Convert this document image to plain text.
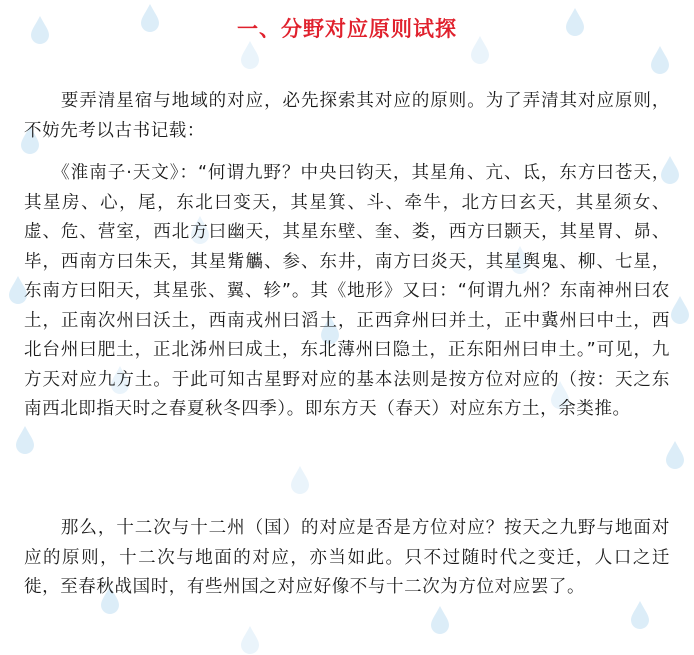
一、分野对应原则试探

　　要弄清星宿与地域的对应，必先探索其对应的原则。为了弄清其对应原则，不妨先考以古书记载：

　　《淮南子·天文》：“何谓九野？中央曰钧天，其星角、亢、氐，东方曰苍天，其星房、心，尾，东北曰变天，其星箕、斗、牵牛，北方曰玄天，其星须女、虚、危、营室，西北方曰幽天，其星东壁、奎、娄，西方曰颢天，其星胃、昴、毕，西南方曰朱天，其星觜觿、参、东井，南方曰炎天，其星舆鬼、柳、七星，东南方曰阳天，其星张、翼、轸”。其《地形》又曰：“何谓九州？东南神州曰农土，正南次州曰沃土，西南戎州曰滔土，正西弇州曰并土，正中冀州曰中土，西北台州曰肥土，正北泲州曰成土，东北薄州曰隐土，正东阳州曰申土。”可见，九方天对应九方土。于此可知古星野对应的基本法则是按方位对应的（按：天之东南西北即指天时之春夏秋冬四季）。即东方天（春天）对应东方土，余类推。

　　那么，十二次与十二州（国）的对应是否是方位对应？按天之九野与地面对应的原则，十二次与地面的对应，亦当如此。只不过随时代之变迁，人口之迁徙，至春秋战国时，有些州国之对应好像不与十二次为方位对应罢了。
